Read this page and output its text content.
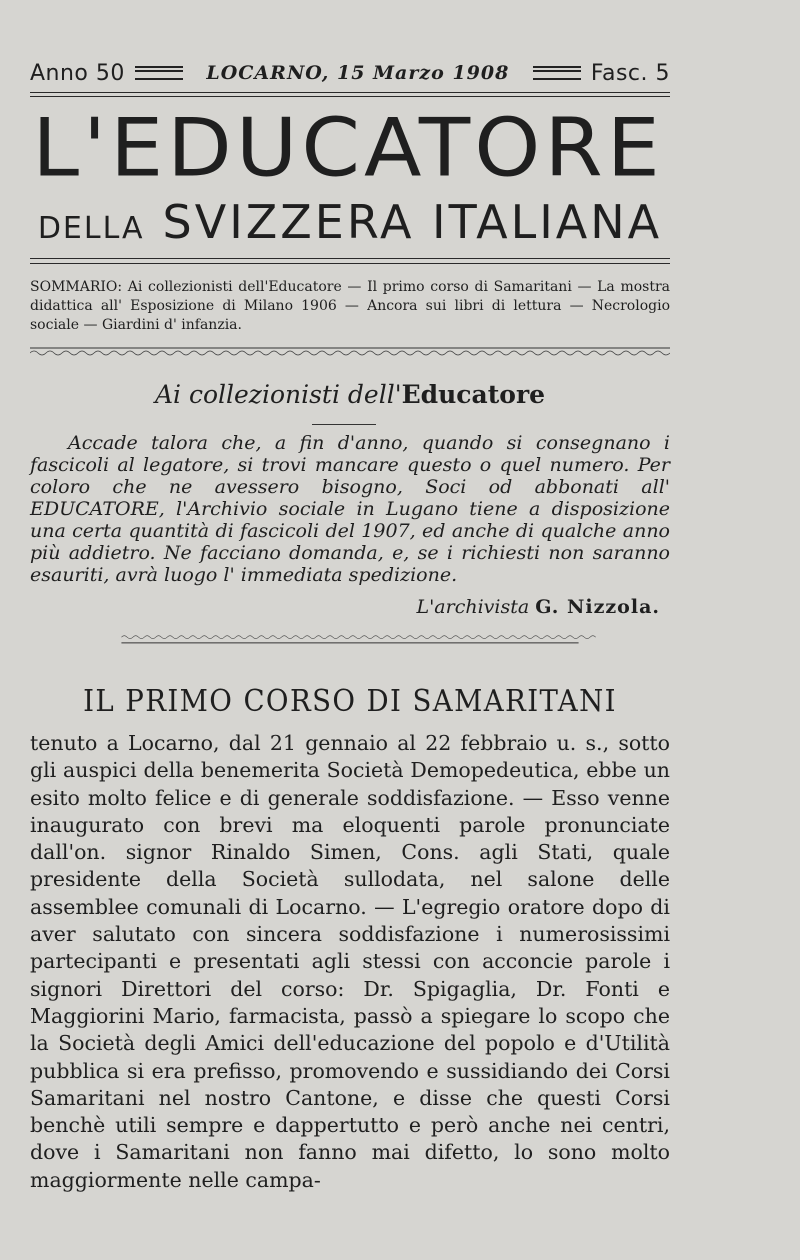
Anno 50	LOCARNO, 15 Marzo 1908	Fasc. 5
L'EDUCATORE
DELLA SVIZZERA ITALIANA
SOMMARIO: Ai collezionisti dell'Educatore — Il primo corso di Samaritani — La mostra didattica all' Esposizione di Milano 1906 — Ancora sui libri di lettura — Necrologio sociale — Giardini d' infanzia.
Ai collezionisti dell'Educatore
Accade talora che, a fin d'anno, quando si consegnano i fascicoli al legatore, si trovi mancare questo o quel numero. Per coloro che ne avessero bisogno, Soci od abbonati all' EDUCATORE, l'Archivio sociale in Lugano tiene a disposizione una certa quantità di fascicoli del 1907, ed anche di qualche anno più addietro. Ne facciano domanda, e, se i richiesti non saranno esauriti, avrà luogo l' immediata spedizione.
L'archivista G. Nizzola.
IL PRIMO CORSO DI SAMARITANI

tenuto a Locarno, dal 21 gennaio al 22 febbraio u. s., sotto gli auspici della benemerita Società Demopedeutica, ebbe un esito molto felice e di generale soddisfazione. — Esso venne inaugurato con brevi ma eloquenti parole pronunciate dall'on. signor Rinaldo Simen, Cons. agli Stati, quale presidente della Società sullodata, nel salone delle assemblee comunali di Locarno. — L'egregio oratore dopo di aver salutato con sincera soddisfazione i numerosissimi partecipanti e presentati agli stessi con acconcie parole i signori Direttori del corso: Dr. Spigaglia, Dr. Fonti e Maggiorini Mario, farmacista, passò a spiegare lo scopo che la Società degli Amici dell'educazione del popolo e d'Utilità pubblica si era prefisso, promovendo e sussidiando dei Corsi Samaritani nel nostro Cantone, e disse che questi Corsi benchè utili sempre e dappertutto e però anche nei centri, dove i Samaritani non fanno mai difetto, lo sono molto maggiormente nelle campa-
